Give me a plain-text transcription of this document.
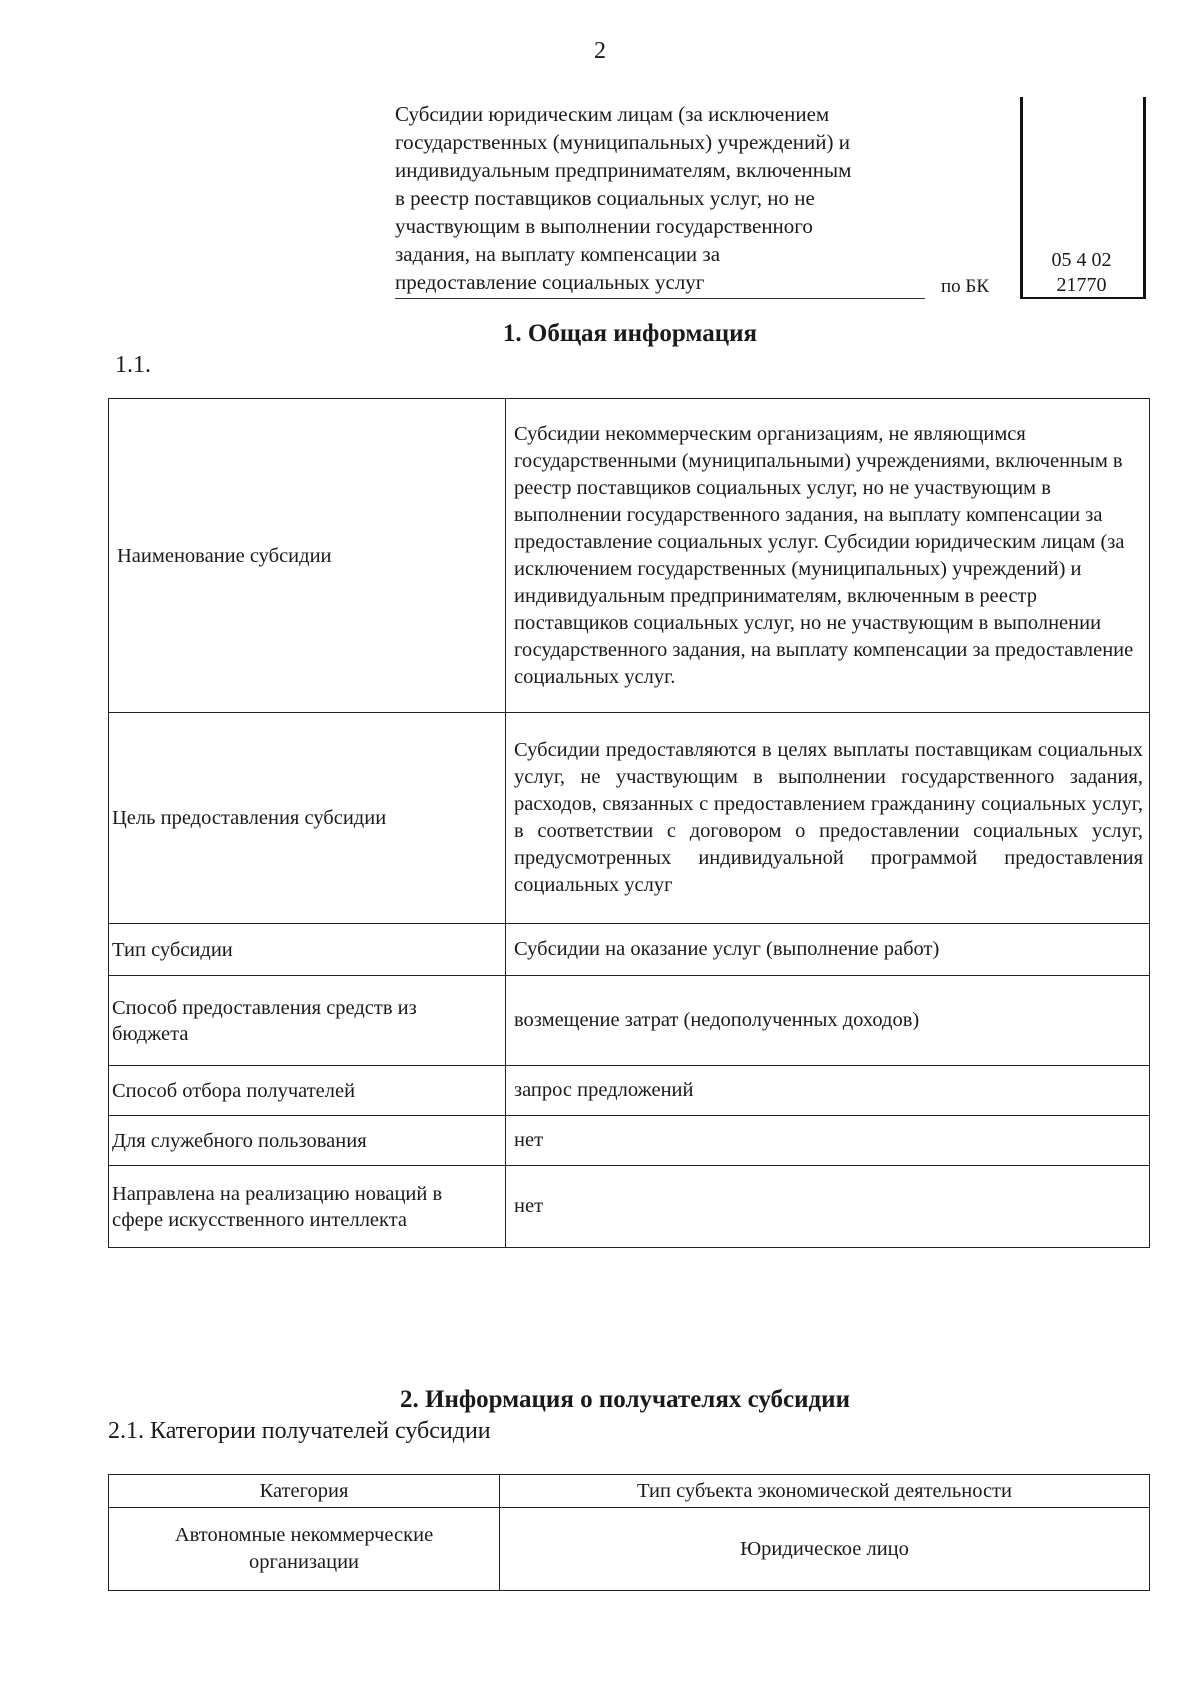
2
Субсидии юридическим лицам (за исключением
государственных (муниципальных) учреждений) и
индивидуальным предпринимателям, включенным
в реестр поставщиков социальных услуг, но не
участвующим в выполнении государственного
задания, на выплату компенсации за
предоставление социальных услуг	по БК
05 4 02
21770
1. Общая информация
1.1.
Наименование субсидии	Субсидии некоммерческим организациям, не являющимся государственными (муниципальными) учреждениями, включенным в реестр поставщиков социальных услуг, но не участвующим в выполнении государственного задания, на выплату компенсации за предоставление социальных услуг. Субсидии юридическим лицам (за исключением государственных (муниципальных) учреждений) и индивидуальным предпринимателям, включенным в реестр поставщиков социальных услуг, но не участвующим в выполнении государственного задания, на выплату компенсации за предоставление социальных услуг.
Цель предоставления субсидии	Субсидии предоставляются в целях выплаты поставщикам социальных услуг, не участвующим в выполнении государственного задания, расходов, связанных с предоставлением гражданину социальных услуг, в соответствии с договором о предоставлении социальных услуг, предусмотренных индивидуальной программой предоставления социальных услуг
Тип субсидии	Субсидии на оказание услуг (выполнение работ)
Способ предоставления средств из бюджета	возмещение затрат (недополученных доходов)
Способ отбора получателей	запрос предложений
Для служебного пользования	нет
Направлена на реализацию новаций в сфере искусственного интеллекта	нет
2. Информация о получателях субсидии
2.1. Категории получателей субсидии
Категория	Тип субъекта экономической деятельности
Автономные некоммерческие организации	Юридическое лицо
